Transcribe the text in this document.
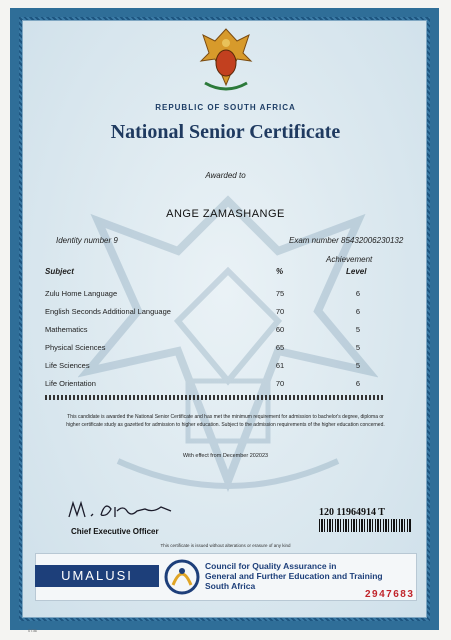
REPUBLIC OF SOUTH AFRICA
National Senior Certificate
Awarded to
ANGE ZAMASHANGE
Identity number 9	Exam number 85432006230132
Achievement
Subject	%	Level
Zulu Home Language	75	6
English Seconds Additional Language	70	6
Mathematics	60	5
Physical Sciences	65	5
Life Sciences	61	5
Life Orientation	70	6
This candidate is awarded the National Senior Certificate and has met the minimum requirement for admission to bachelor's degree, diploma or higher certificate study as gazetted for admission to higher education. Subject to the admission requirements of the higher education concerned.
With effect from December 202023
Chief Executive Officer
120 11964914 T
This certificate is issued without alterations or erasure of any kind
UMALUSI
Council for Quality Assurance in
General and Further Education and Training
South Africa
2947683
0736
